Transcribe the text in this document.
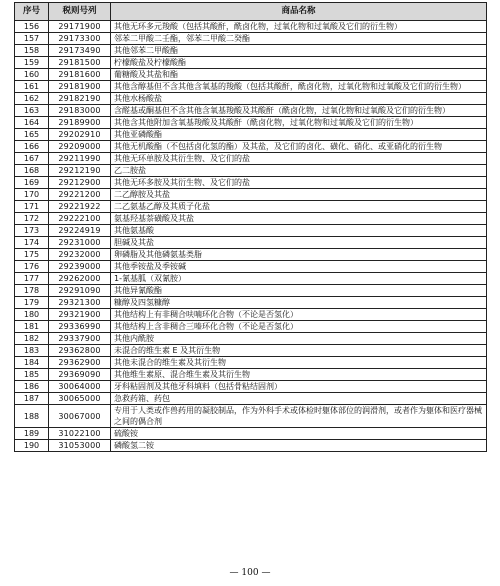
序号	税则号列	商品名称
156	29171900	其他无环多元羧酸（包括其酸酐，酰卤化物，过氧化物和过氧酸及它们的衍生物）
157	29173300	邻苯二甲酸二壬酯，邻苯二甲酸二癸酯
158	29173490	其他邻苯二甲酸酯
159	29181500	柠檬酸盐及柠檬酸酯
160	29181600	葡糖酸及其盐和酯
161	29181900	其他含醇基但不含其他含氧基的羧酸（包括其酸酐，酰卤化物，过氧化物和过氧酸及它们的衍生物）
162	29182190	其他水杨酸盐
163	29183000	含醛基或酮基但不含其他含氧基羧酸及其酸酐（酰卤化物，过氧化物和过氧酸及它们的衍生物）
164	29189900	其他含其他附加含氧基羧酸及其酸酐（酰卤化物，过氧化物和过氧酸及它们的衍生物）
165	29202910	其他亚磷酸酯
166	29209000	其他无机酸酯（不包括卤化氢的酯）及其盐，及它们的卤化、磺化、硝化、或亚硝化的衍生物
167	29211990	其他无环单胺及其衍生物、及它们的盐
168	29212190	乙二胺盐
169	29212900	其他无环多胺及其衍生物、及它们的盐
170	29221200	二乙醇胺及其盐
171	29221922	二乙氨基乙醇及其质子化盐
172	29222100	氨基羟基萘磺酸及其盐
173	29224919	其他氨基酸
174	29231000	胆碱及其盐
175	29232000	卵磷脂及其他磷氨基类脂
176	29239000	其他季铵盐及季铵碱
177	29262000	1-氰基胍（双氰胺）
178	29291090	其他异氰酸酯
179	29321300	糠醇及四氢糠醇
180	29321900	其他结构上有非稠合呋喃环化合物（不论是否氢化）
181	29336990	其他结构上含非稠合三嗪环化合物（不论是否氢化）
182	29337900	其他内酰胺
183	29362800	未混合的维生素 E 及其衍生物
184	29362900	其他未混合的维生素及其衍生物
185	29369090	其他维生素原、混合维生素及其衍生物
186	30064000	牙科粘固剂及其他牙科填料（包括骨粘结固剂）
187	30065000	急救药箱、药包
188	30067000	专用于人类或作兽药用的凝胶制品，作为外科手术或体检时躯体部位的润滑剂，或者作为躯体和医疗器械之间的偶合剂
189	31022100	硫酸铵
190	31053000	磷酸氢二铵
— 100 —
